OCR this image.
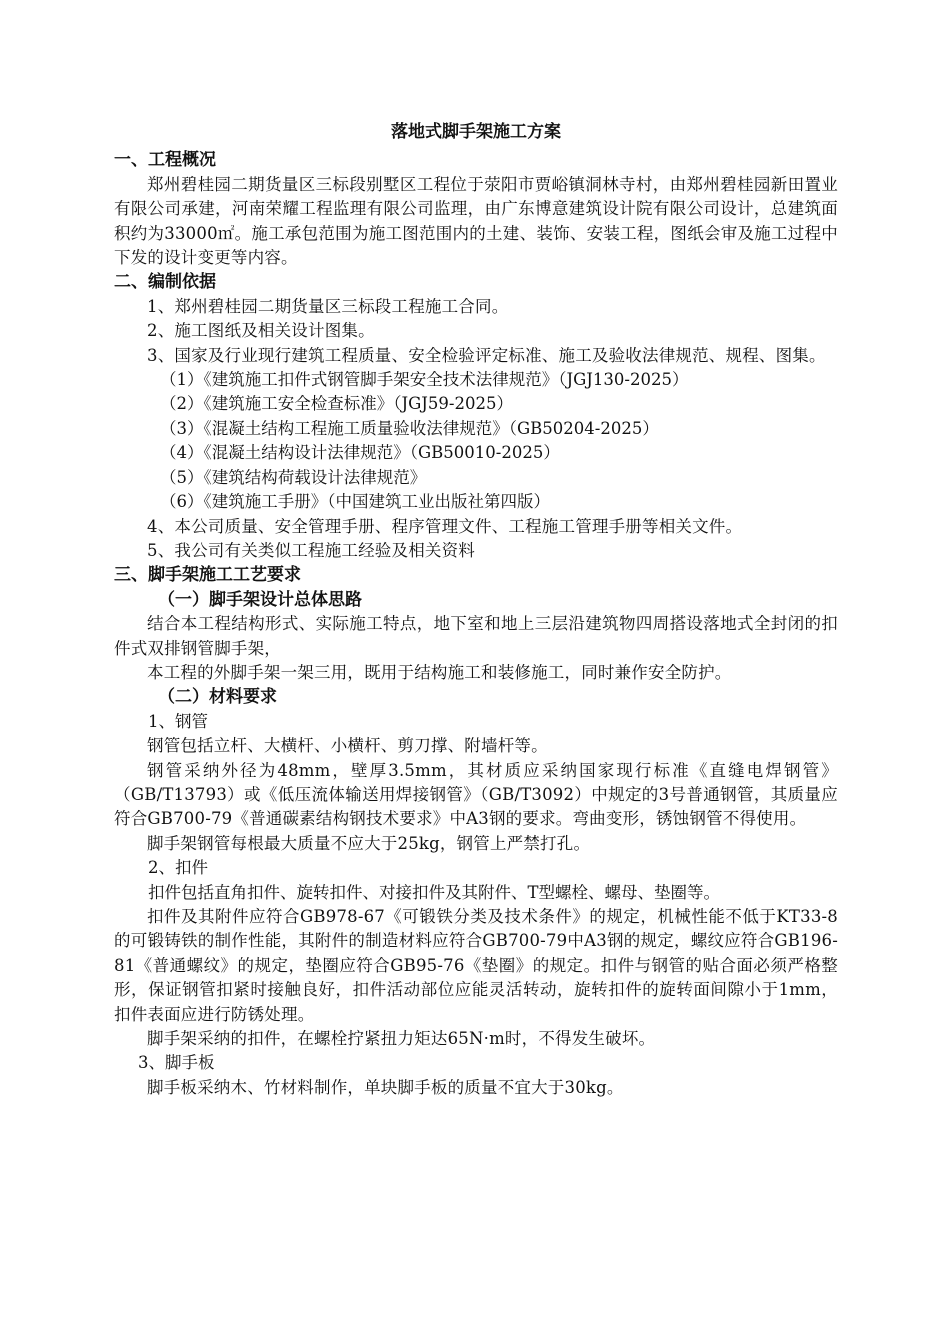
落地式脚手架施工方案
一、工程概况

郑州碧桂园二期货量区三标段别墅区工程位于荥阳市贾峪镇洞林寺村，由郑州碧桂园新田置业有限公司承建，河南荣耀工程监理有限公司监理，由广东博意建筑设计院有限公司设计，总建筑面积约为33000㎡。施工承包范围为施工图范围内的土建、装饰、安装工程，图纸会审及施工过程中下发的设计变更等内容。

二、编制依据

1、郑州碧桂园二期货量区三标段工程施工合同。

2、施工图纸及相关设计图集。

3、国家及行业现行建筑工程质量、安全检验评定标准、施工及验收法律规范、规程、图集。

（1）《建筑施工扣件式钢管脚手架安全技术法律规范》（JGJ130-2025）

（2）《建筑施工安全检查标准》（JGJ59-2025）

（3）《混凝土结构工程施工质量验收法律规范》（GB50204-2025）

（4）《混凝土结构设计法律规范》（GB50010-2025）

（5）《建筑结构荷载设计法律规范》

（6）《建筑施工手册》（中国建筑工业出版社第四版）

4、本公司质量、安全管理手册、程序管理文件、工程施工管理手册等相关文件。

5、我公司有关类似工程施工经验及相关资料

三、脚手架施工工艺要求
（一）脚手架设计总体思路

结合本工程结构形式、实际施工特点，地下室和地上三层沿建筑物四周搭设落地式全封闭的扣件式双排钢管脚手架，

本工程的外脚手架一架三用，既用于结构施工和装修施工，同时兼作安全防护。

（二）材料要求

1、钢管

钢管包括立杆、大横杆、小横杆、剪刀撑、附墙杆等。

钢管采纳外径为48mm，壁厚3.5mm，其材质应采纳国家现行标准《直缝电焊钢管》（GB/T13793）或《低压流体输送用焊接钢管》（GB/T3092）中规定的3号普通钢管，其质量应符合GB700-79《普通碳素结构钢技术要求》中A3钢的要求。弯曲变形，锈蚀钢管不得使用。

脚手架钢管每根最大质量不应大于25kg，钢管上严禁打孔。

2、扣件

扣件包括直角扣件、旋转扣件、对接扣件及其附件、T型螺栓、螺母、垫圈等。

扣件及其附件应符合GB978-67《可锻铁分类及技术条件》的规定，机械性能不低于KT33-8的可锻铸铁的制作性能，其附件的制造材料应符合GB700-79中A3钢的规定，螺纹应符合GB196-81《普通螺纹》的规定，垫圈应符合GB95-76《垫圈》的规定。扣件与钢管的贴合面必须严格整形，保证钢管扣紧时接触良好，扣件活动部位应能灵活转动，旋转扣件的旋转面间隙小于1mm，扣件表面应进行防锈处理。

脚手架采纳的扣件，在螺栓拧紧扭力矩达65N·m时，不得发生破坏。

3、脚手板

脚手板采纳木、竹材料制作，单块脚手板的质量不宜大于30kg。
